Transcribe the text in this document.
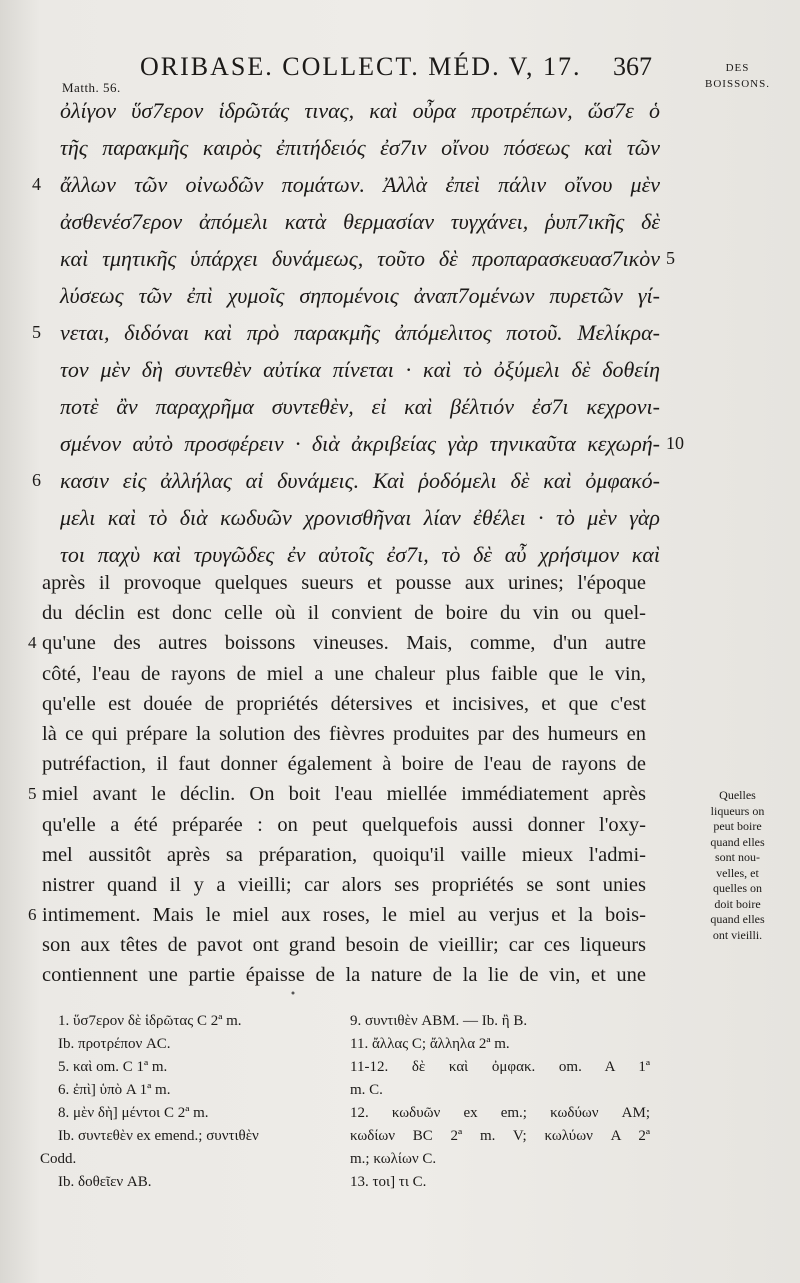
ORIBASE. COLLECT. MÉD. V, 17. 367
Matth. 56.
DES
BOISSONS.
ὀλίγον ὕσ7ερον ἱδρῶτάς τινας, καὶ οὖρα προτρέπων, ὥσ7ε ὁ
τῆς παρακμῆς καιρὸς ἐπιτήδειός ἐσ7ιν οἴνου πόσεως καὶ τῶν
ἄλλων τῶν οἰνωδῶν πομάτων. Ἀλλὰ ἐπεὶ πάλιν οἴνου μὲν
4
ἀσθενέσ7ερον ἀπόμελι κατὰ θερμασίαν τυγχάνει, ῥυπ7ικῆς δὲ
καὶ τμητικῆς ὑπάρχει δυνάμεως, τοῦτο δὲ προπαρασκευασ7ικὸν 5
λύσεως τῶν ἐπὶ χυμοῖς σηπομένοις ἀναπ7ομένων πυρετῶν γί-
νεται, διδόναι καὶ πρὸ παρακμῆς ἀπόμελιτος ποτοῦ. Μελίκρα-
5
τον μὲν δὴ συντεθὲν αὐτίκα πίνεται · καὶ τὸ ὀξύμελι δὲ δοθείη
ποτὲ ἂν παραχρῆμα συντεθὲν, εἰ καὶ βέλτιόν ἐσ7ι κεχρονι-
σμένον αὐτὸ προσφέρειν · διὰ ἀκριβείας γὰρ τηνικαῦτα κεχωρή- 10
κασιν εἰς ἀλλήλας αἱ δυνάμεις. Καὶ ῥοδόμελι δὲ καὶ ὀμφακό-
6
μελι καὶ τὸ διὰ κωδυῶν χρονισθῆναι λίαν ἐθέλει · τὸ μὲν γὰρ
τοι παχὺ καὶ τρυγῶδες ἐν αὐτοῖς ἐσ7ι, τὸ δὲ αὖ χρήσιμον καὶ
après il provoque quelques sueurs et pousse aux urines; l'époque
du déclin est donc celle où il convient de boire du vin ou quel-
qu'une des autres boissons vineuses. Mais, comme, d'un autre
4
côté, l'eau de rayons de miel a une chaleur plus faible que le vin,
qu'elle est douée de propriétés détersives et incisives, et que c'est
là ce qui prépare la solution des fièvres produites par des humeurs en
putréfaction, il faut donner également à boire de l'eau de rayons de
miel avant le déclin. On boit l'eau miellée immédiatement après
5
qu'elle a été préparée : on peut quelquefois aussi donner l'oxy-
mel aussitôt après sa préparation, quoiqu'il vaille mieux l'admi-
nistrer quand il y a vieilli; car alors ses propriétés se sont unies
intimement. Mais le miel aux roses, le miel au verjus et la bois-
6
son aux têtes de pavot ont grand besoin de vieillir; car ces liqueurs
contiennent une partie épaisse de la nature de la lie de vin, et une
Quelles
liqueurs on
peut boire
quand elles
sont nou-
velles, et
quelles on
doit boire
quand elles
ont vieilli.
1. ὕσ7ερον δὲ ἱδρῶτας C 2ª m.
Ib. προτρέπον AC.
5. καὶ om. C 1ª m.
6. ἐπὶ] ὑπὸ A 1ª m.
8. μὲν δὴ] μέντοι C 2ª m.
Ib. συντεθὲν ex emend.; συντιθὲν
Codd.
Ib. δοθεῖεν AB.
9. συντιθὲν ABM. — Ib. ἢ B.
11. ἄλλας C; ἄλληλα 2ª m.
11-12. δὲ καὶ ὀμφακ. om. A 1ª
m. C.
12. κωδυῶν ex em.; κωδύων AM;
κωδίων BC 2ª m. V; κωλύων A 2ª
m.; κωλίων C.
13. τοι] τι C.
